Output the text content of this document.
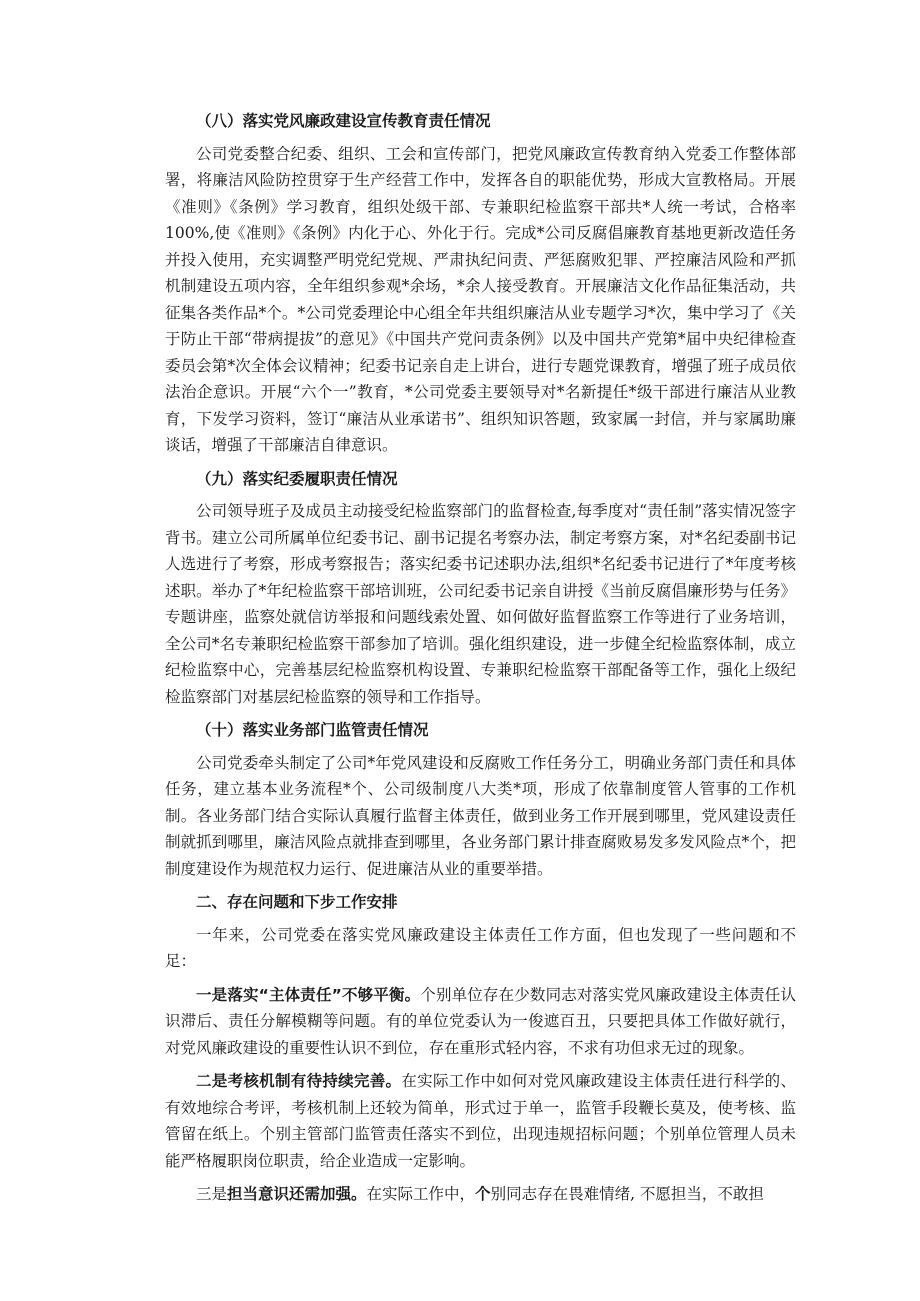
（八）落实党风廉政建设宣传教育责任情况

公司党委整合纪委、组织、工会和宣传部门，把党风廉政宣传教育纳入党委工作整体部署，将廉洁风险防控贯穿于生产经营工作中，发挥各自的职能优势，形成大宣教格局。开展《准则》《条例》学习教育，组织处级干部、专兼职纪检监察干部共*人统一考试，合格率100%,使《准则》《条例》内化于心、外化于行。完成*公司反腐倡廉教育基地更新改造任务并投入使用，充实调整严明党纪党规、严肃执纪问责、严惩腐败犯罪、严控廉洁风险和严抓机制建设五项内容，全年组织参观*余场，*余人接受教育。开展廉洁文化作品征集活动，共征集各类作品*个。*公司党委理论中心组全年共组织廉洁从业专题学习*次，集中学习了《关于防止干部“带病提拔”的意见》《中国共产党问责条例》以及中国共产党第*届中央纪律检查委员会第*次全体会议精神；纪委书记亲自走上讲台，进行专题党课教育，增强了班子成员依法治企意识。开展“六个一”教育，*公司党委主要领导对*名新提任*级干部进行廉洁从业教育，下发学习资料，签订“廉洁从业承诺书”、组织知识答题，致家属一封信，并与家属助廉谈话，增强了干部廉洁自律意识。

（九）落实纪委履职责任情况

公司领导班子及成员主动接受纪检监察部门的监督检查,每季度对“责任制”落实情况签字背书。建立公司所属单位纪委书记、副书记提名考察办法，制定考察方案，对*名纪委副书记人选进行了考察，形成考察报告；落实纪委书记述职办法,组织*名纪委书记进行了*年度考核述职。举办了*年纪检监察干部培训班，公司纪委书记亲自讲授《当前反腐倡廉形势与任务》专题讲座，监察处就信访举报和问题线索处置、如何做好监督监察工作等进行了业务培训，全公司*名专兼职纪检监察干部参加了培训。强化组织建设，进一步健全纪检监察体制，成立纪检监察中心，完善基层纪检监察机构设置、专兼职纪检监察干部配备等工作，强化上级纪检监察部门对基层纪检监察的领导和工作指导。

（十）落实业务部门监管责任情况

公司党委牵头制定了公司*年党风建设和反腐败工作任务分工，明确业务部门责任和具体任务，建立基本业务流程*个、公司级制度八大类*项，形成了依靠制度管人管事的工作机制。各业务部门结合实际认真履行监督主体责任，做到业务工作开展到哪里，党风建设责任制就抓到哪里，廉洁风险点就排查到哪里，各业务部门累计排查腐败易发多发风险点*个，把制度建设作为规范权力运行、促进廉洁从业的重要举措。

二、存在问题和下步工作安排

一年来，公司党委在落实党风廉政建设主体责任工作方面，但也发现了一些问题和不足：

一是落实“主体责任”不够平衡。个别单位存在少数同志对落实党风廉政建设主体责任认识滞后、责任分解模糊等问题。有的单位党委认为一俊遮百丑，只要把具体工作做好就行，对党风廉政建设的重要性认识不到位，存在重形式轻内容，不求有功但求无过的现象。

二是考核机制有待持续完善。在实际工作中如何对党风廉政建设主体责任进行科学的、有效地综合考评，考核机制上还较为简单，形式过于单一，监管手段鞭长莫及，使考核、监管留在纸上。个别主管部门监管责任落实不到位，出现违规招标问题；个别单位管理人员未能严格履职岗位职责，给企业造成一定影响。

三是担当意识还需加强。在实际工作中，个别同志存在畏难情绪, 不愿担当，不敢担
